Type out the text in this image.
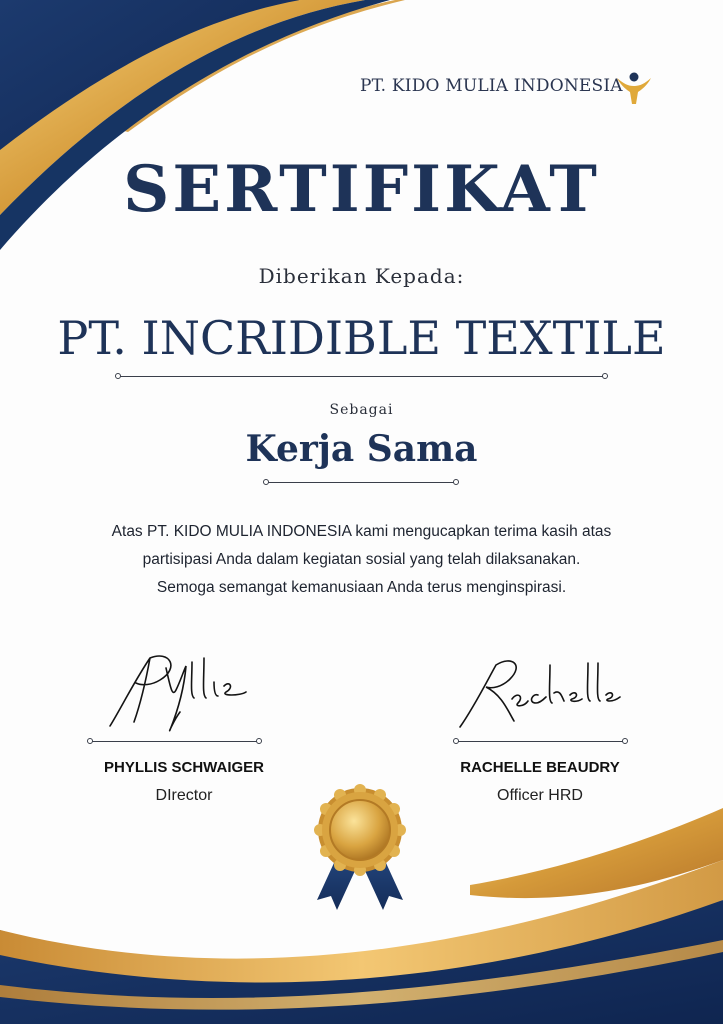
PT. KIDO MULIA INDONESIA
SERTIFIKAT
Diberikan Kepada:
PT. INCRIDIBLE TEXTILE
Sebagai
Kerja Sama
Atas PT. KIDO MULIA INDONESIA kami mengucapkan terima kasih atas
partisipasi Anda dalam kegiatan sosial yang telah dilaksanakan.
Semoga semangat kemanusiaan Anda terus menginspirasi.
PHYLLIS SCHWAIGER
DIrector
RACHELLE BEAUDRY
Officer HRD
